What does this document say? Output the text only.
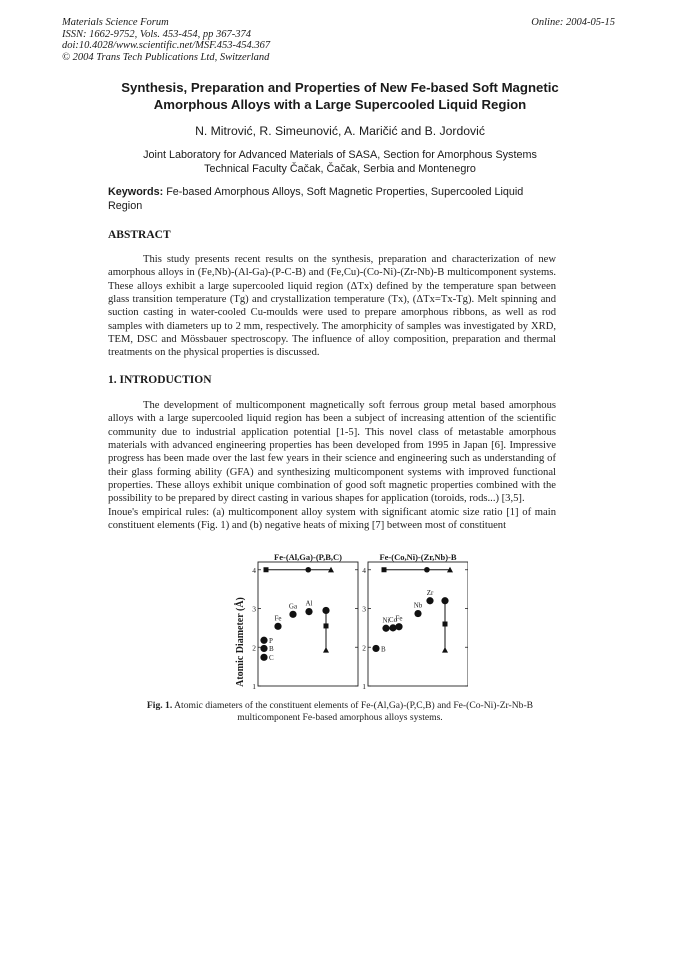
Materials Science Forum
ISSN: 1662-9752, Vols. 453-454, pp 367-374
doi:10.4028/www.scientific.net/MSF.453-454.367
© 2004 Trans Tech Publications Ltd, Switzerland
Online: 2004-05-15
Synthesis, Preparation and Properties of New Fe-based Soft Magnetic
Amorphous Alloys with a Large Supercooled Liquid Region
N. Mitrović, R. Simeunović, A. Maričić and B. Jordović
Joint Laboratory for Advanced Materials of SASA, Section for Amorphous Systems
Technical Faculty Čačak, Čačak, Serbia and Montenegro
Keywords: Fe-based Amorphous Alloys, Soft Magnetic Properties, Supercooled Liquid Region
ABSTRACT
This study presents recent results on the synthesis, preparation and characterization of new amorphous alloys in (Fe,Nb)-(Al-Ga)-(P-C-B) and (Fe,Cu)-(Co-Ni)-(Zr-Nb)-B multicomponent systems. These alloys exhibit a large supercooled liquid region (ΔTx) defined by the temperature span between glass transition temperature (Tg) and crystallization temperature (Tx), (ΔTx=Tx-Tg). Melt spinning and suction casting in water-cooled Cu-moulds were used to prepare amorphous ribbons, as well as rod samples with diameters up to 2 mm, respectively. The amorphicity of samples was investigated by XRD, TEM, DSC and Mössbauer spectroscopy. The influence of alloy composition, preparation and thermal treatments on the physical properties is discussed.
1. INTRODUCTION
The development of multicomponent magnetically soft ferrous group metal based amorphous alloys with a large supercooled liquid region has been a subject of increasing attention of the scientific community due to industrial application potential [1-5]. This novel class of metastable amorphous materials with advanced engineering properties has been developed from 1995 in Japan [6]. Impressive progress has been made over the last few years in their science and engineering such as understanding of their glass forming ability (GFA) and synthesizing multicomponent systems with improved functional properties. These alloys exhibit unique combination of good soft magnetic properties combined with the possibility to be prepared by direct casting in various shapes for application (toroids, rods...) [3,5].
Inoue's empirical rules: (a) multicomponent alloy system with significant atomic size ratio [1] of main constituent elements (Fig. 1) and (b) negative heats of mixing [7] between most of constituent
Atomic Diameter (Å)
Fe-(Al,Ga)-(P,B,C)
1
2
3
4
P
B
C
Fe
Ga Al
Fe-(Co,Ni)-(Zr,Nb)-B
1
2
3
4
B
Ni Co
Fe
Nb
Zr
Fig. 1. Atomic diameters of the constituent elements of Fe-(Al,Ga)-(P,C,B) and Fe-(Co-Ni)-Zr-Nb-B
multicomponent Fe-based amorphous alloys systems.
